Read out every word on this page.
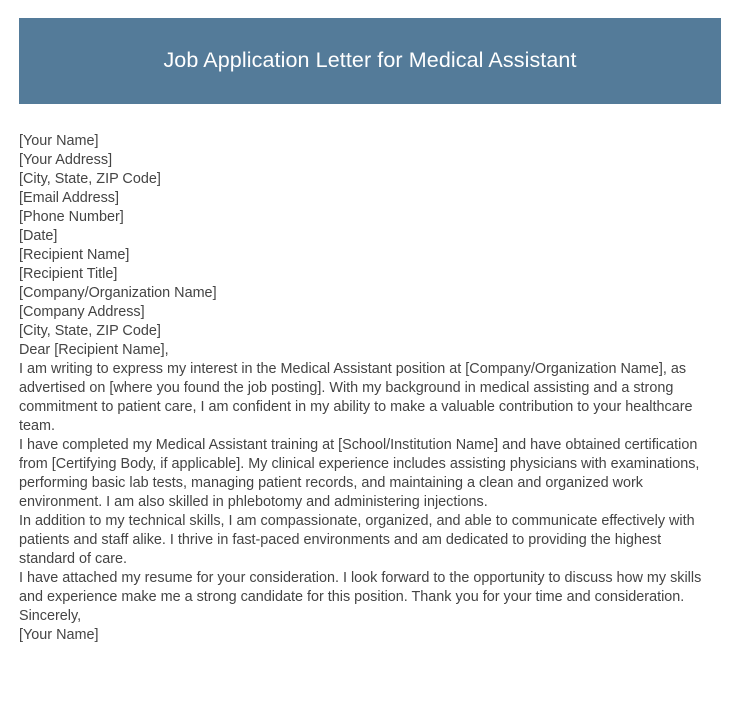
Job Application Letter for Medical Assistant
[Your Name]
[Your Address]
[City, State, ZIP Code]
[Email Address]
[Phone Number]
[Date]
[Recipient Name]
[Recipient Title]
[Company/Organization Name]
[Company Address]
[City, State, ZIP Code]
Dear [Recipient Name],

I am writing to express my interest in the Medical Assistant position at [Company/Organization Name], as advertised on [where you found the job posting]. With my background in medical assisting and a strong commitment to patient care, I am confident in my ability to make a valuable contribution to your healthcare team.

I have completed my Medical Assistant training at [School/Institution Name] and have obtained certification from [Certifying Body, if applicable]. My clinical experience includes assisting physicians with examinations, performing basic lab tests, managing patient records, and maintaining a clean and organized work environment. I am also skilled in phlebotomy and administering injections.

In addition to my technical skills, I am compassionate, organized, and able to communicate effectively with patients and staff alike. I thrive in fast-paced environments and am dedicated to providing the highest standard of care.

I have attached my resume for your consideration. I look forward to the opportunity to discuss how my skills and experience make me a strong candidate for this position. Thank you for your time and consideration.

Sincerely,
[Your Name]
